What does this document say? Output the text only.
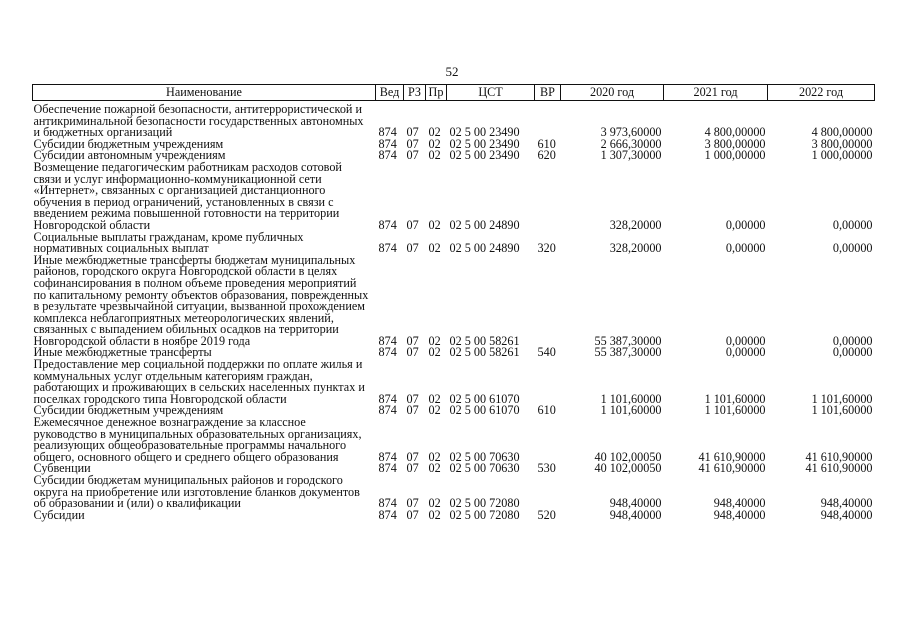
52
Наименование	Вед	РЗ	Пр	ЦСТ	ВР	2020 год	2021 год	2022 год
Обеспечение пожарной безопасности, антитеррористической и антикриминальной безопасности государственных автономных и бюджетных организаций	874	07	02	02 5 00 23490		3 973,60000	4 800,00000	4 800,00000
Субсидии бюджетным учреждениям	874	07	02	02 5 00 23490	610	2 666,30000	3 800,00000	3 800,00000
Субсидии автономным учреждениям	874	07	02	02 5 00 23490	620	1 307,30000	1 000,00000	1 000,00000
Возмещение педагогическим работникам расходов сотовой связи и услуг информационно-коммуникационной сети «Интернет», связанных с организацией дистанционного обучения в период ограничений, установленных в связи с введением режима повышенной готовности на территории Новгородской области	874	07	02	02 5 00 24890		328,20000	0,00000	0,00000
Социальные выплаты гражданам, кроме публичных нормативных социальных выплат	874	07	02	02 5 00 24890	320	328,20000	0,00000	0,00000
Иные межбюджетные трансферты бюджетам муниципальных районов, городского округа Новгородской области в целях софинансирования в полном объеме проведения мероприятий по капитальному ремонту объектов образования, поврежденных в результате чрезвычайной ситуации, вызванной прохождением комплекса неблагоприятных метеорологических явлений, связанных с выпадением обильных осадков на территории Новгородской области в ноябре 2019 года	874	07	02	02 5 00 58261		55 387,30000	0,00000	0,00000
Иные межбюджетные трансферты	874	07	02	02 5 00 58261	540	55 387,30000	0,00000	0,00000
Предоставление мер социальной поддержки по оплате жилья и коммунальных услуг отдельным категориям граждан, работающих и проживающих в сельских населенных пунктах и поселках городского типа Новгородской области	874	07	02	02 5 00 61070		1 101,60000	1 101,60000	1 101,60000
Субсидии бюджетным учреждениям	874	07	02	02 5 00 61070	610	1 101,60000	1 101,60000	1 101,60000
Ежемесячное денежное вознаграждение за классное руководство в муниципальных образовательных организациях, реализующих общеобразовательные программы начального общего, основного общего и среднего общего образования	874	07	02	02 5 00 70630		40 102,00050	41 610,90000	41 610,90000
Субвенции	874	07	02	02 5 00 70630	530	40 102,00050	41 610,90000	41 610,90000
Субсидии бюджетам муниципальных районов и городского округа на приобретение или изготовление бланков документов об образовании и (или) о квалификации	874	07	02	02 5 00 72080		948,40000	948,40000	948,40000
Субсидии	874	07	02	02 5 00 72080	520	948,40000	948,40000	948,40000
